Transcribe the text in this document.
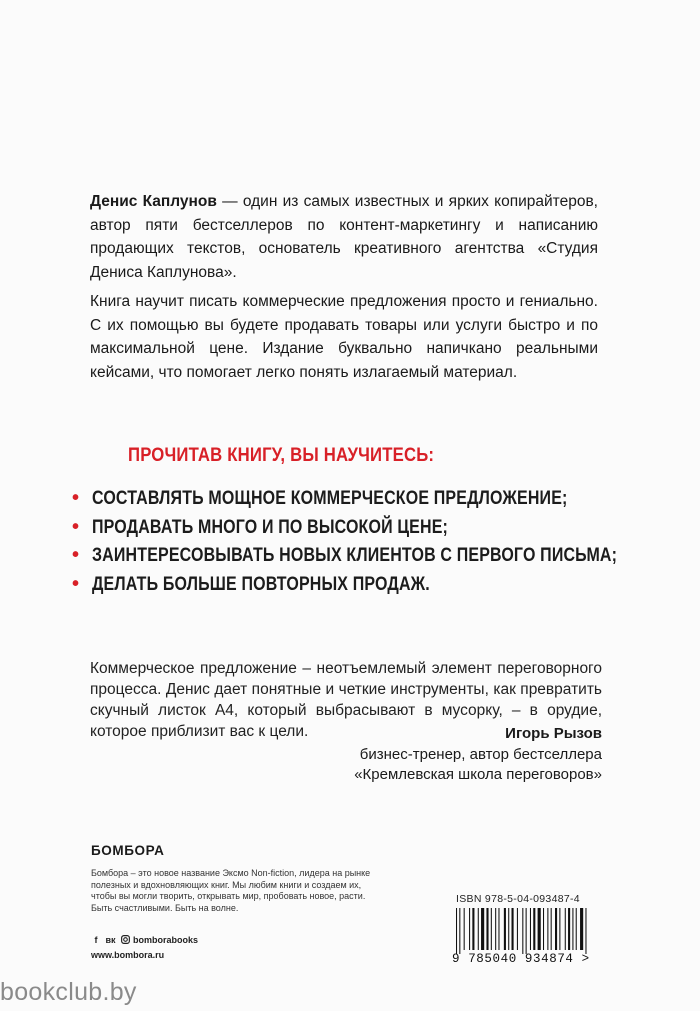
Денис Каплунов — один из самых известных и ярких копирайтеров, автор пяти бестселлеров по контент-маркетингу и написанию продающих текстов, основатель креативного агентства «Студия Дениса Каплунова».
Книга научит писать коммерческие предложения просто и гениально. С их помощью вы будете продавать товары или услуги быстро и по максимальной цене. Издание буквально напичкано реальными кейсами, что помогает легко понять излагаемый материал.
ПРОЧИТАВ КНИГУ, ВЫ НАУЧИТЕСЬ:
• СОСТАВЛЯТЬ МОЩНОЕ КОММЕРЧЕСКОЕ ПРЕДЛОЖЕНИЕ;
• ПРОДАВАТЬ МНОГО И ПО ВЫСОКОЙ ЦЕНЕ;
• ЗАИНТЕРЕСОВЫВАТЬ НОВЫХ КЛИЕНТОВ С ПЕРВОГО ПИСЬМА;
• ДЕЛАТЬ БОЛЬШЕ ПОВТОРНЫХ ПРОДАЖ.
Коммерческое предложение – неотъемлемый элемент переговорного процесса. Денис дает понятные и четкие инструменты, как превратить скучный листок А4, который выбрасывают в мусорку, – в орудие, которое приблизит вас к цели.	Игорь Рызов
бизнес-тренер, автор бестселлера
«Кремлевская школа переговоров»
БОМБОРА
Бомбора – это новое название Эксмо Non-fiction, лидера на рынке полезных и вдохновляющих книг. Мы любим книги и создаем их, чтобы вы могли творить, открывать мир, пробовать новое, расти. Быть счастливыми. Быть на волне.
f вк bomborabooks
www.bombora.ru
ISBN 978-5-04-093487-4
9 785040 934874 >
bookclub.by
